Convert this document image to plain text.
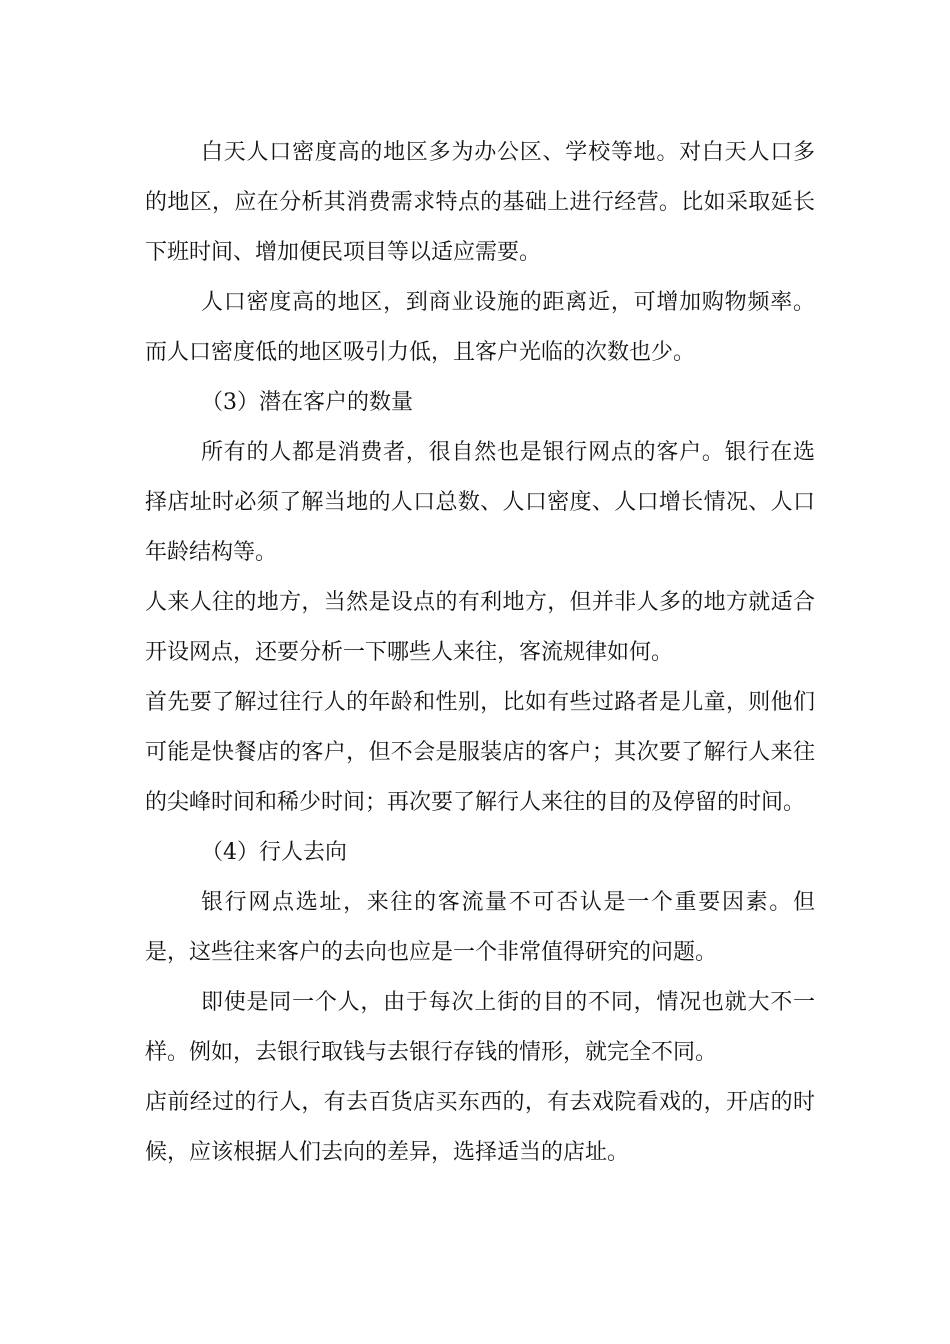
白天人口密度高的地区多为办公区、学校等地。对白天人口多的地区，应在分析其消费需求特点的基础上进行经营。比如采取延长下班时间、增加便民项目等以适应需要。

人口密度高的地区，到商业设施的距离近，可增加购物频率。而人口密度低的地区吸引力低，且客户光临的次数也少。

（3）潜在客户的数量

所有的人都是消费者，很自然也是银行网点的客户。银行在选择店址时必须了解当地的人口总数、人口密度、人口增长情况、人口年龄结构等。

人来人往的地方，当然是设点的有利地方，但并非人多的地方就适合开设网点，还要分析一下哪些人来往，客流规律如何。

首先要了解过往行人的年龄和性别，比如有些过路者是儿童，则他们可能是快餐店的客户，但不会是服装店的客户；其次要了解行人来往的尖峰时间和稀少时间；再次要了解行人来往的目的及停留的时间。

（4）行人去向

银行网点选址，来往的客流量不可否认是一个重要因素。但是，这些往来客户的去向也应是一个非常值得研究的问题。

即使是同一个人，由于每次上街的目的不同，情况也就大不一样。例如，去银行取钱与去银行存钱的情形，就完全不同。

店前经过的行人，有去百货店买东西的，有去戏院看戏的，开店的时候，应该根据人们去向的差异，选择适当的店址。
